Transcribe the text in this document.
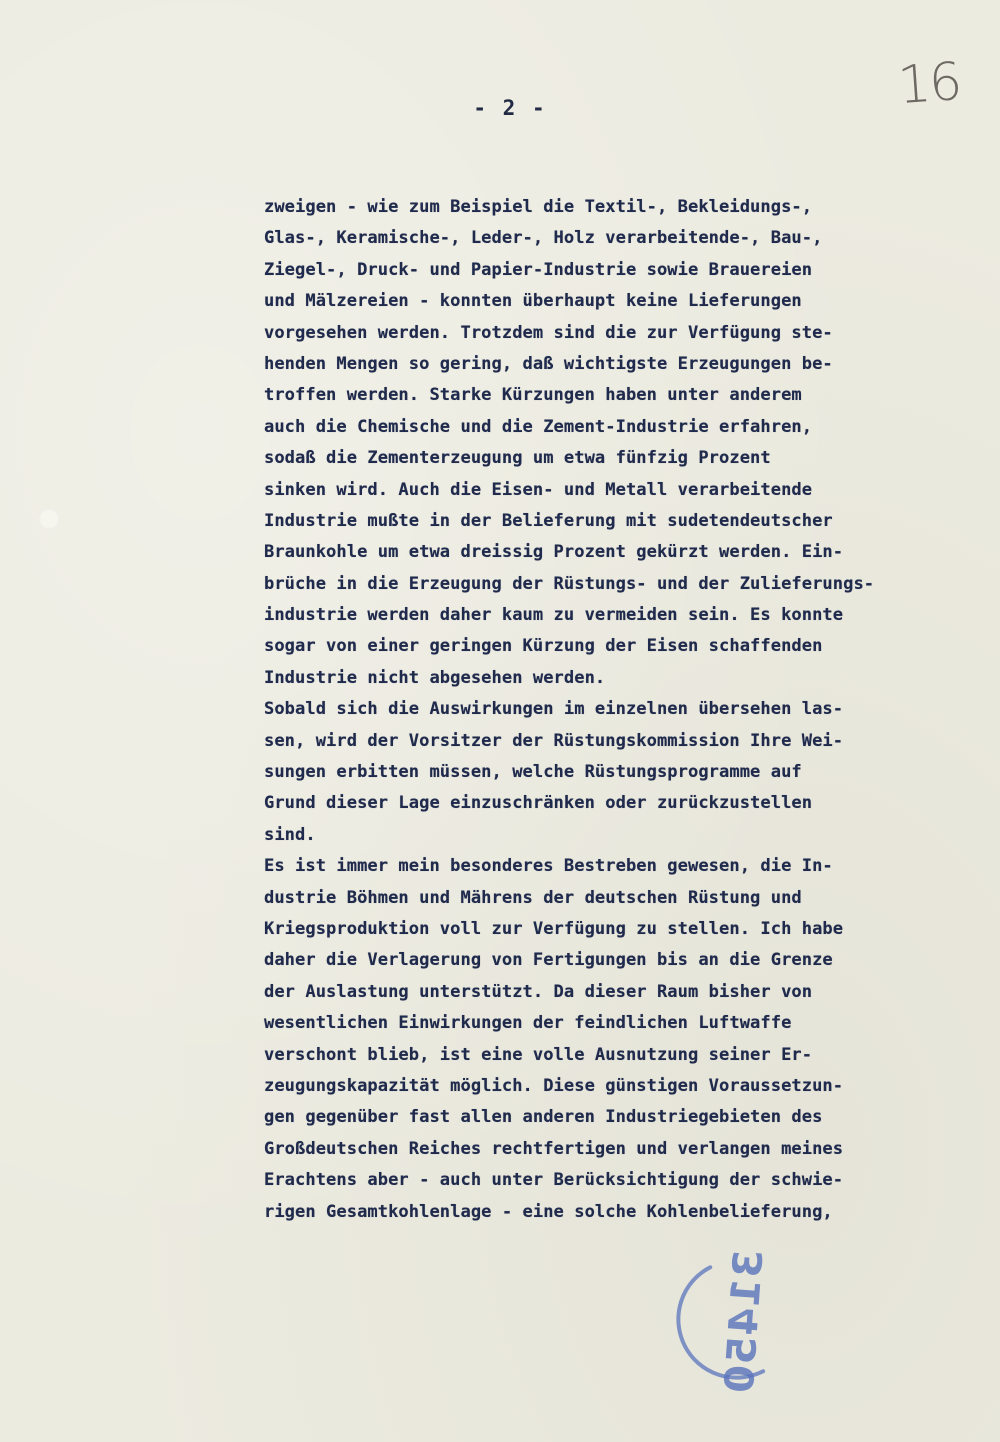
16
- 2 -
zweigen - wie zum Beispiel die Textil-, Bekleidungs-,
Glas-, Keramische-, Leder-, Holz verarbeitende-, Bau-,
Ziegel-, Druck- und Papier-Industrie sowie Brauereien
und Mälzereien - konnten überhaupt keine Lieferungen
vorgesehen werden. Trotzdem sind die zur Verfügung ste-
henden Mengen so gering, daß wichtigste Erzeugungen be-
troffen werden. Starke Kürzungen haben unter anderem
auch die Chemische und die Zement-Industrie erfahren,
sodaß die Zementerzeugung um etwa fünfzig Prozent
sinken wird. Auch die Eisen- und Metall verarbeitende
Industrie mußte in der Belieferung mit sudetendeutscher
Braunkohle um etwa dreissig Prozent gekürzt werden. Ein-
brüche in die Erzeugung der Rüstungs- und der Zulieferungs-
industrie werden daher kaum zu vermeiden sein. Es konnte
sogar von einer geringen Kürzung der Eisen schaffenden
Industrie nicht abgesehen werden.
Sobald sich die Auswirkungen im einzelnen übersehen las-
sen, wird der Vorsitzer der Rüstungskommission Ihre Wei-
sungen erbitten müssen, welche Rüstungsprogramme auf
Grund dieser Lage einzuschränken oder zurückzustellen
sind.
Es ist immer mein besonderes Bestreben gewesen, die In-
dustrie Böhmen und Mährens der deutschen Rüstung und
Kriegsproduktion voll zur Verfügung zu stellen. Ich habe
daher die Verlagerung von Fertigungen bis an die Grenze
der Auslastung unterstützt. Da dieser Raum bisher von
wesentlichen Einwirkungen der feindlichen Luftwaffe
verschont blieb, ist eine volle Ausnutzung seiner Er-
zeugungskapazität möglich. Diese günstigen Voraussetzun-
gen gegenüber fast allen anderen Industriegebieten des
Großdeutschen Reiches rechtfertigen und verlangen meines
Erachtens aber - auch unter Berücksichtigung der schwie-
rigen Gesamtkohlenlage - eine solche Kohlenbelieferung,
31450
